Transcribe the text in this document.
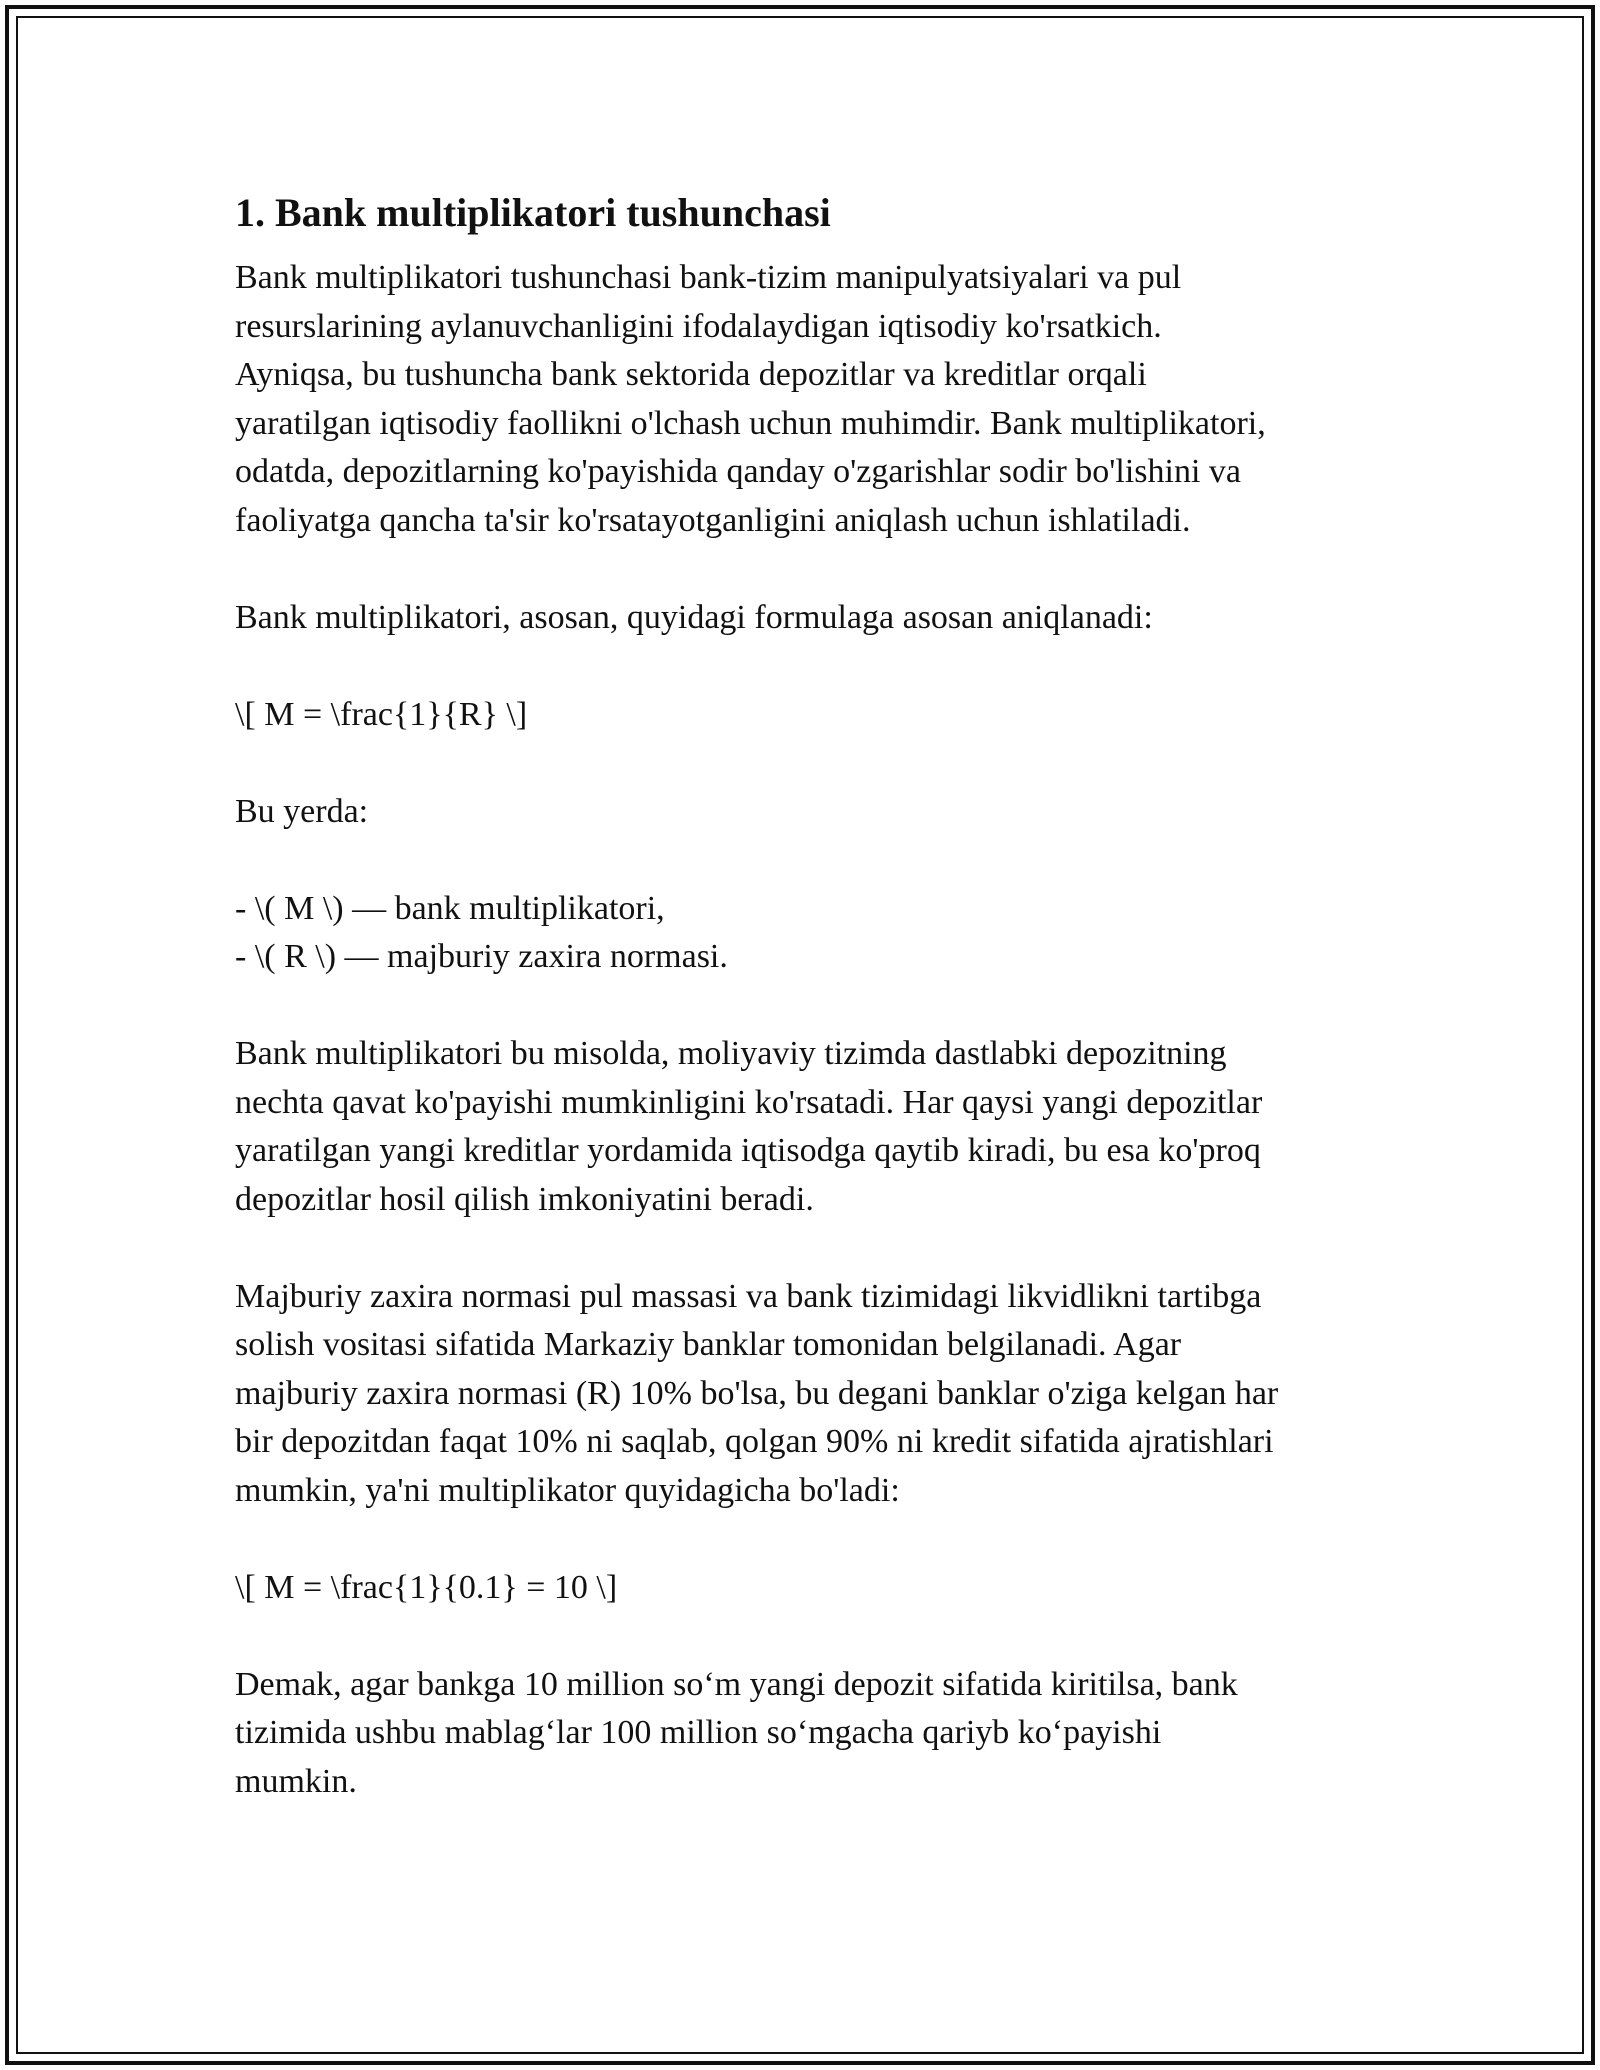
1. Bank multiplikatori tushunchasi

Bank multiplikatori tushunchasi bank-tizim manipulyatsiyalari va pul
resurslarining aylanuvchanligini ifodalaydigan iqtisodiy ko'rsatkich.
Ayniqsa, bu tushuncha bank sektorida depozitlar va kreditlar orqali
yaratilgan iqtisodiy faollikni o'lchash uchun muhimdir. Bank multiplikatori,
odatda, depozitlarning ko'payishida qanday o'zgarishlar sodir bo'lishini va
faoliyatga qancha ta'sir ko'rsatayotganligini aniqlash uchun ishlatiladi.

Bank multiplikatori, asosan, quyidagi formulaga asosan aniqlanadi:

\[ M = \frac{1}{R} \]

Bu yerda:

- \( M \) — bank multiplikatori,
- \( R \) — majburiy zaxira normasi.

Bank multiplikatori bu misolda, moliyaviy tizimda dastlabki depozitning
nechta qavat ko'payishi mumkinligini ko'rsatadi. Har qaysi yangi depozitlar
yaratilgan yangi kreditlar yordamida iqtisodga qaytib kiradi, bu esa ko'proq
depozitlar hosil qilish imkoniyatini beradi.

Majburiy zaxira normasi pul massasi va bank tizimidagi likvidlikni tartibga
solish vositasi sifatida Markaziy banklar tomonidan belgilanadi. Agar
majburiy zaxira normasi (R) 10% bo'lsa, bu degani banklar o'ziga kelgan har
bir depozitdan faqat 10% ni saqlab, qolgan 90% ni kredit sifatida ajratishlari
mumkin, ya'ni multiplikator quyidagicha bo'ladi:

\[ M = \frac{1}{0.1} = 10 \]

Demak, agar bankga 10 million so‘m yangi depozit sifatida kiritilsa, bank
tizimida ushbu mablag‘lar 100 million so‘mgacha qariyb ko‘payishi
mumkin.
